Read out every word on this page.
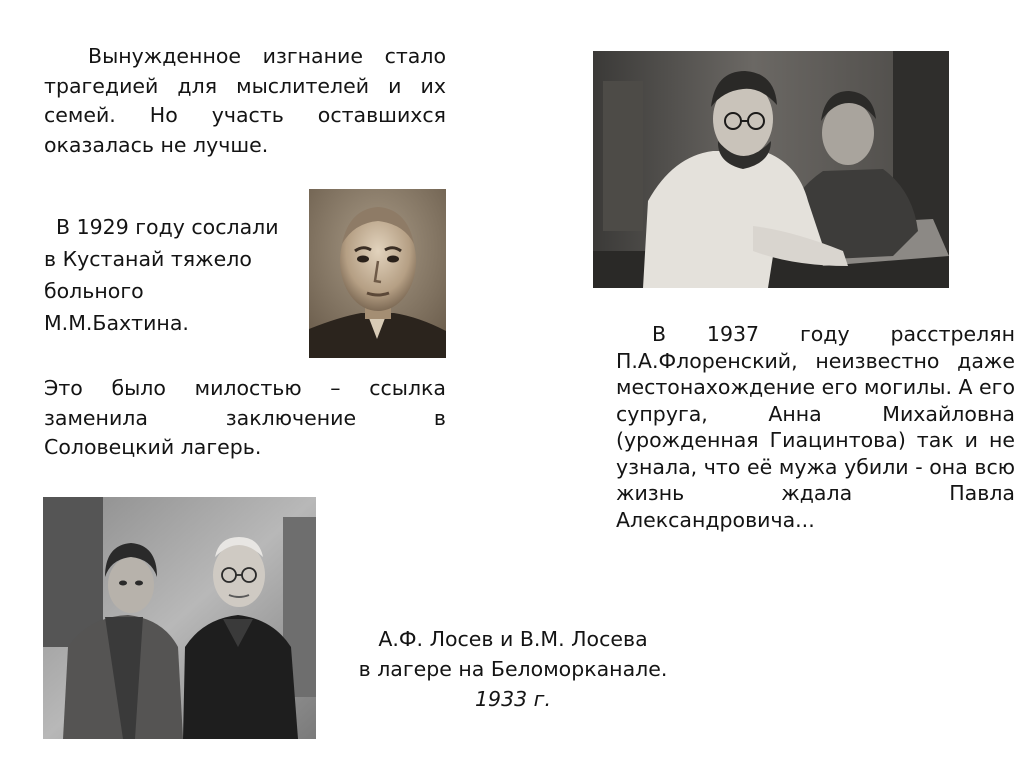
Вынужденное изгнание стало
трагедией для мыслителей и их
семей. Но участь оставшихся
оказалась не лучше.
В 1929 году сослали
в Кустанай тяжело
больного
М.М.Бахтина.
Это было милостью – ссылка
заменила заключение в
Соловецкий лагерь.
В 1937 году расстрелян
П.А.Флоренский, неизвестно даже
местонахождение его могилы. А его
супруга, Анна Михайловна
(урожденная Гиацинтова) так и не
узнала, что её мужа убили - она всю
жизнь ждала Павла
Александровича...
А.Ф. Лосев и В.М. Лосева
в лагере на Беломорканале.
1933 г.
